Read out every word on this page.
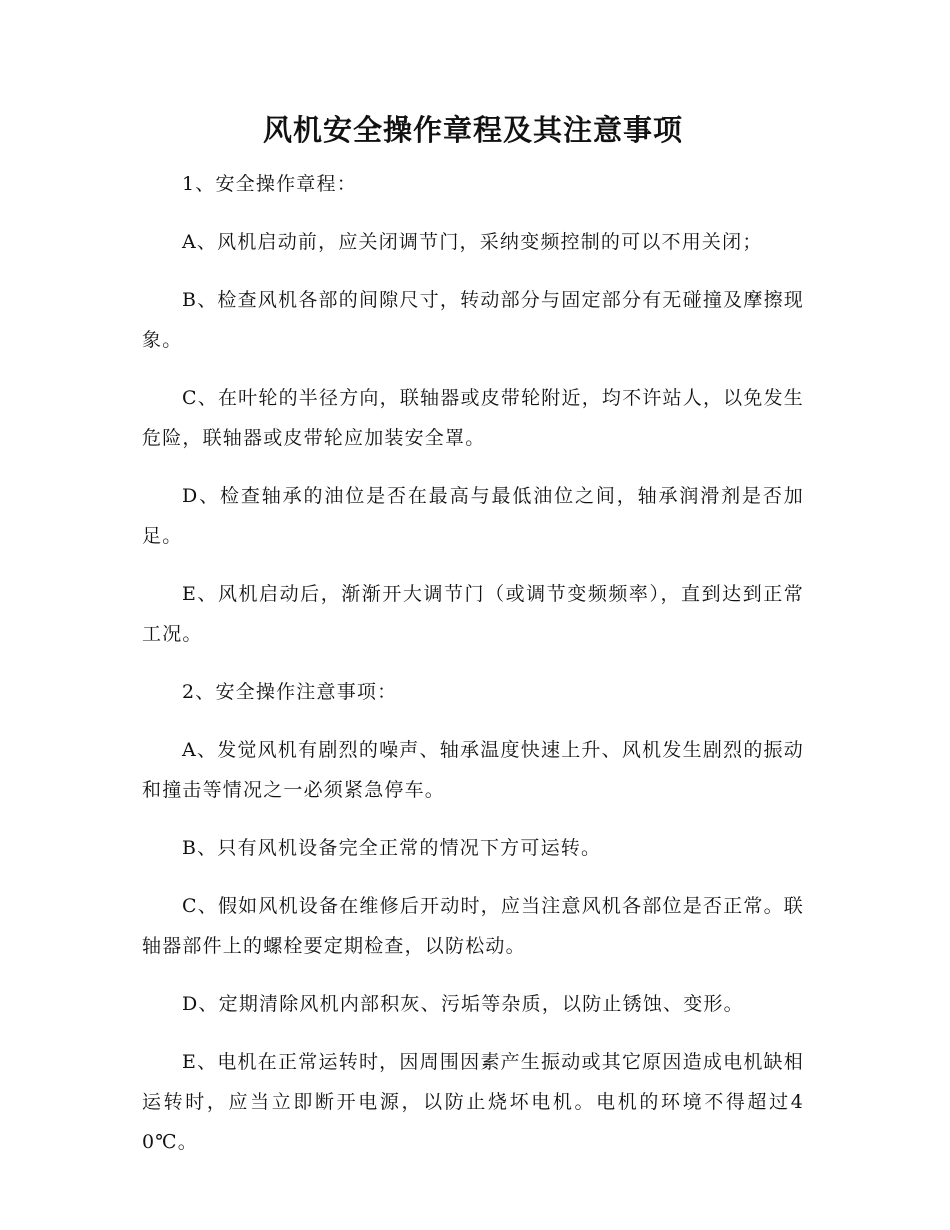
风机安全操作章程及其注意事项

1、安全操作章程：

A、风机启动前，应关闭调节门，采纳变频控制的可以不用关闭；

B、检查风机各部的间隙尺寸，转动部分与固定部分有无碰撞及摩擦现象。

C、在叶轮的半径方向，联轴器或皮带轮附近，均不许站人，以免发生危险，联轴器或皮带轮应加装安全罩。

D、检查轴承的油位是否在最高与最低油位之间，轴承润滑剂是否加足。

E、风机启动后，渐渐开大调节门（或调节变频频率），直到达到正常工况。

2、安全操作注意事项：

A、发觉风机有剧烈的噪声、轴承温度快速上升、风机发生剧烈的振动和撞击等情况之一必须紧急停车。

B、只有风机设备完全正常的情况下方可运转。

C、假如风机设备在维修后开动时，应当注意风机各部位是否正常。联轴器部件上的螺栓要定期检查，以防松动。

D、定期清除风机内部积灰、污垢等杂质，以防止锈蚀、变形。

E、电机在正常运转时，因周围因素产生振动或其它原因造成电机缺相运转时，应当立即断开电源，以防止烧坏电机。电机的环境不得超过40℃。
